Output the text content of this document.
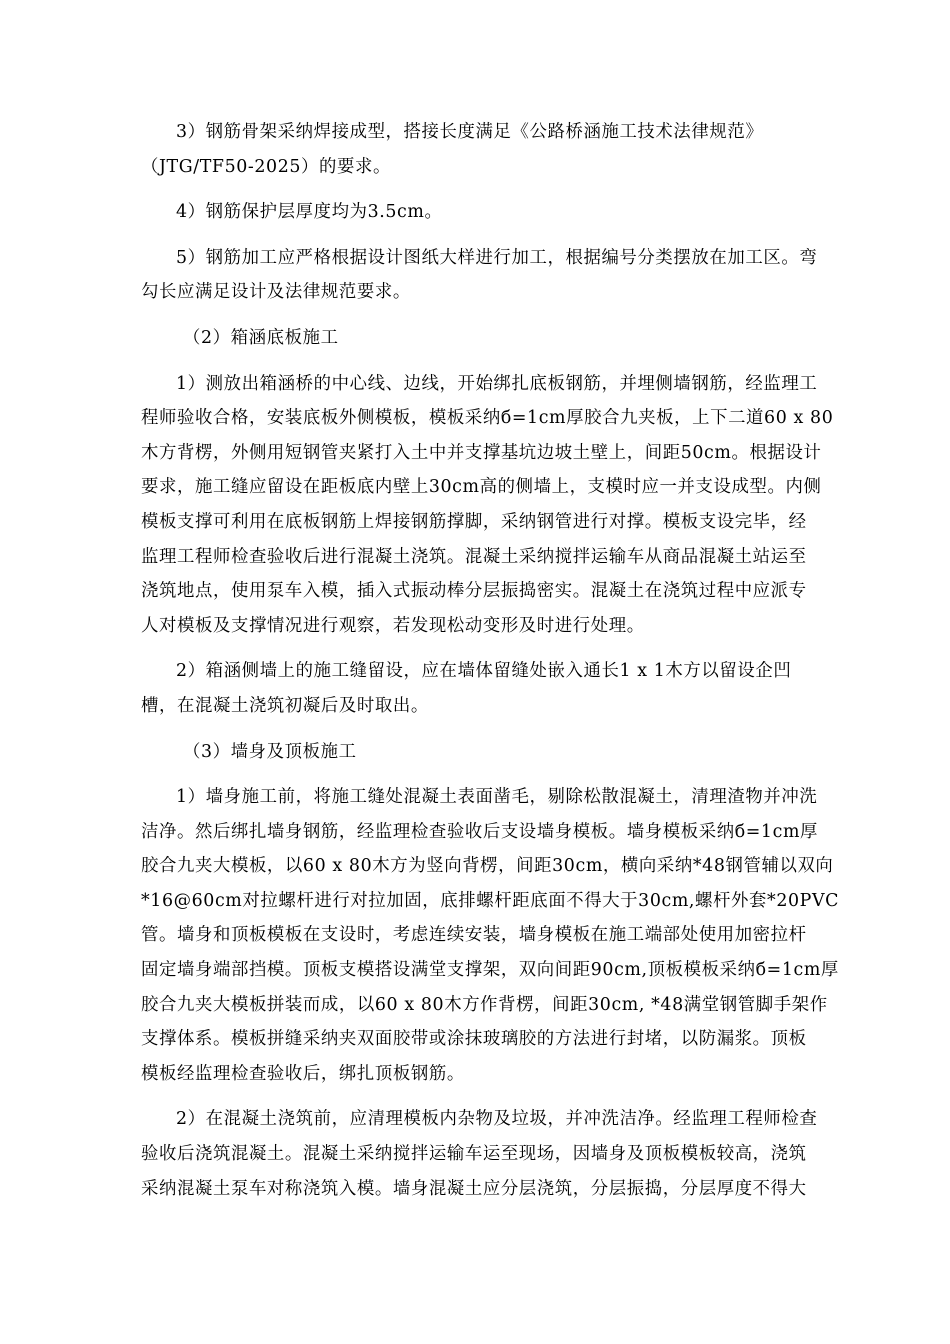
3）钢筋骨架采纳焊接成型，搭接长度满足《公路桥涵施工技术法律规范》
（JTG/TF50-2025）的要求。

4）钢筋保护层厚度均为3.5cm。

5）钢筋加工应严格根据设计图纸大样进行加工，根据编号分类摆放在加工区。弯
勾长应满足设计及法律规范要求。

（2）箱涵底板施工

1）测放出箱涵桥的中心线、边线，开始绑扎底板钢筋，并埋侧墙钢筋，经监理工
程师验收合格，安装底板外侧模板，模板采纳б=1cm厚胶合九夹板，上下二道60 x 80
木方背楞，外侧用短钢管夹紧打入土中并支撑基坑边坡土壁上，间距50cm。根据设计
要求，施工缝应留设在距板底内壁上30cm高的侧墙上，支模时应一并支设成型。内侧
模板支撑可利用在底板钢筋上焊接钢筋撑脚，采纳钢管进行对撑。模板支设完毕，经
监理工程师检查验收后进行混凝土浇筑。混凝土采纳搅拌运输车从商品混凝土站运至
浇筑地点，使用泵车入模，插入式振动棒分层振捣密实。混凝土在浇筑过程中应派专
人对模板及支撑情况进行观察，若发现松动变形及时进行处理。

2）箱涵侧墙上的施工缝留设，应在墙体留缝处嵌入通长1 x 1木方以留设企凹
槽，在混凝土浇筑初凝后及时取出。

（3）墙身及顶板施工

1）墙身施工前，将施工缝处混凝土表面凿毛，剔除松散混凝土，清理渣物并冲洗
洁净。然后绑扎墙身钢筋，经监理检查验收后支设墙身模板。墙身模板采纳б=1cm厚
胶合九夹大模板，以60 x 80木方为竖向背楞，间距30cm，横向采纳*48钢管辅以双向
*16@60cm对拉螺杆进行对拉加固，底排螺杆距底面不得大于30cm,螺杆外套*20PVC
管。墙身和顶板模板在支设时，考虑连续安装，墙身模板在施工端部处使用加密拉杆
固定墙身端部挡模。顶板支模搭设满堂支撑架，双向间距90cm,顶板模板采纳б=1cm厚
胶合九夹大模板拼装而成，以60 x 80木方作背楞，间距30cm, *48满堂钢管脚手架作
支撑体系。模板拼缝采纳夹双面胶带或涂抹玻璃胶的方法进行封堵，以防漏浆。顶板
模板经监理检查验收后，绑扎顶板钢筋。

2）在混凝土浇筑前，应清理模板内杂物及垃圾，并冲洗洁净。经监理工程师检查
验收后浇筑混凝土。混凝土采纳搅拌运输车运至现场，因墙身及顶板模板较高，浇筑
采纳混凝土泵车对称浇筑入模。墙身混凝土应分层浇筑，分层振捣，分层厚度不得大
